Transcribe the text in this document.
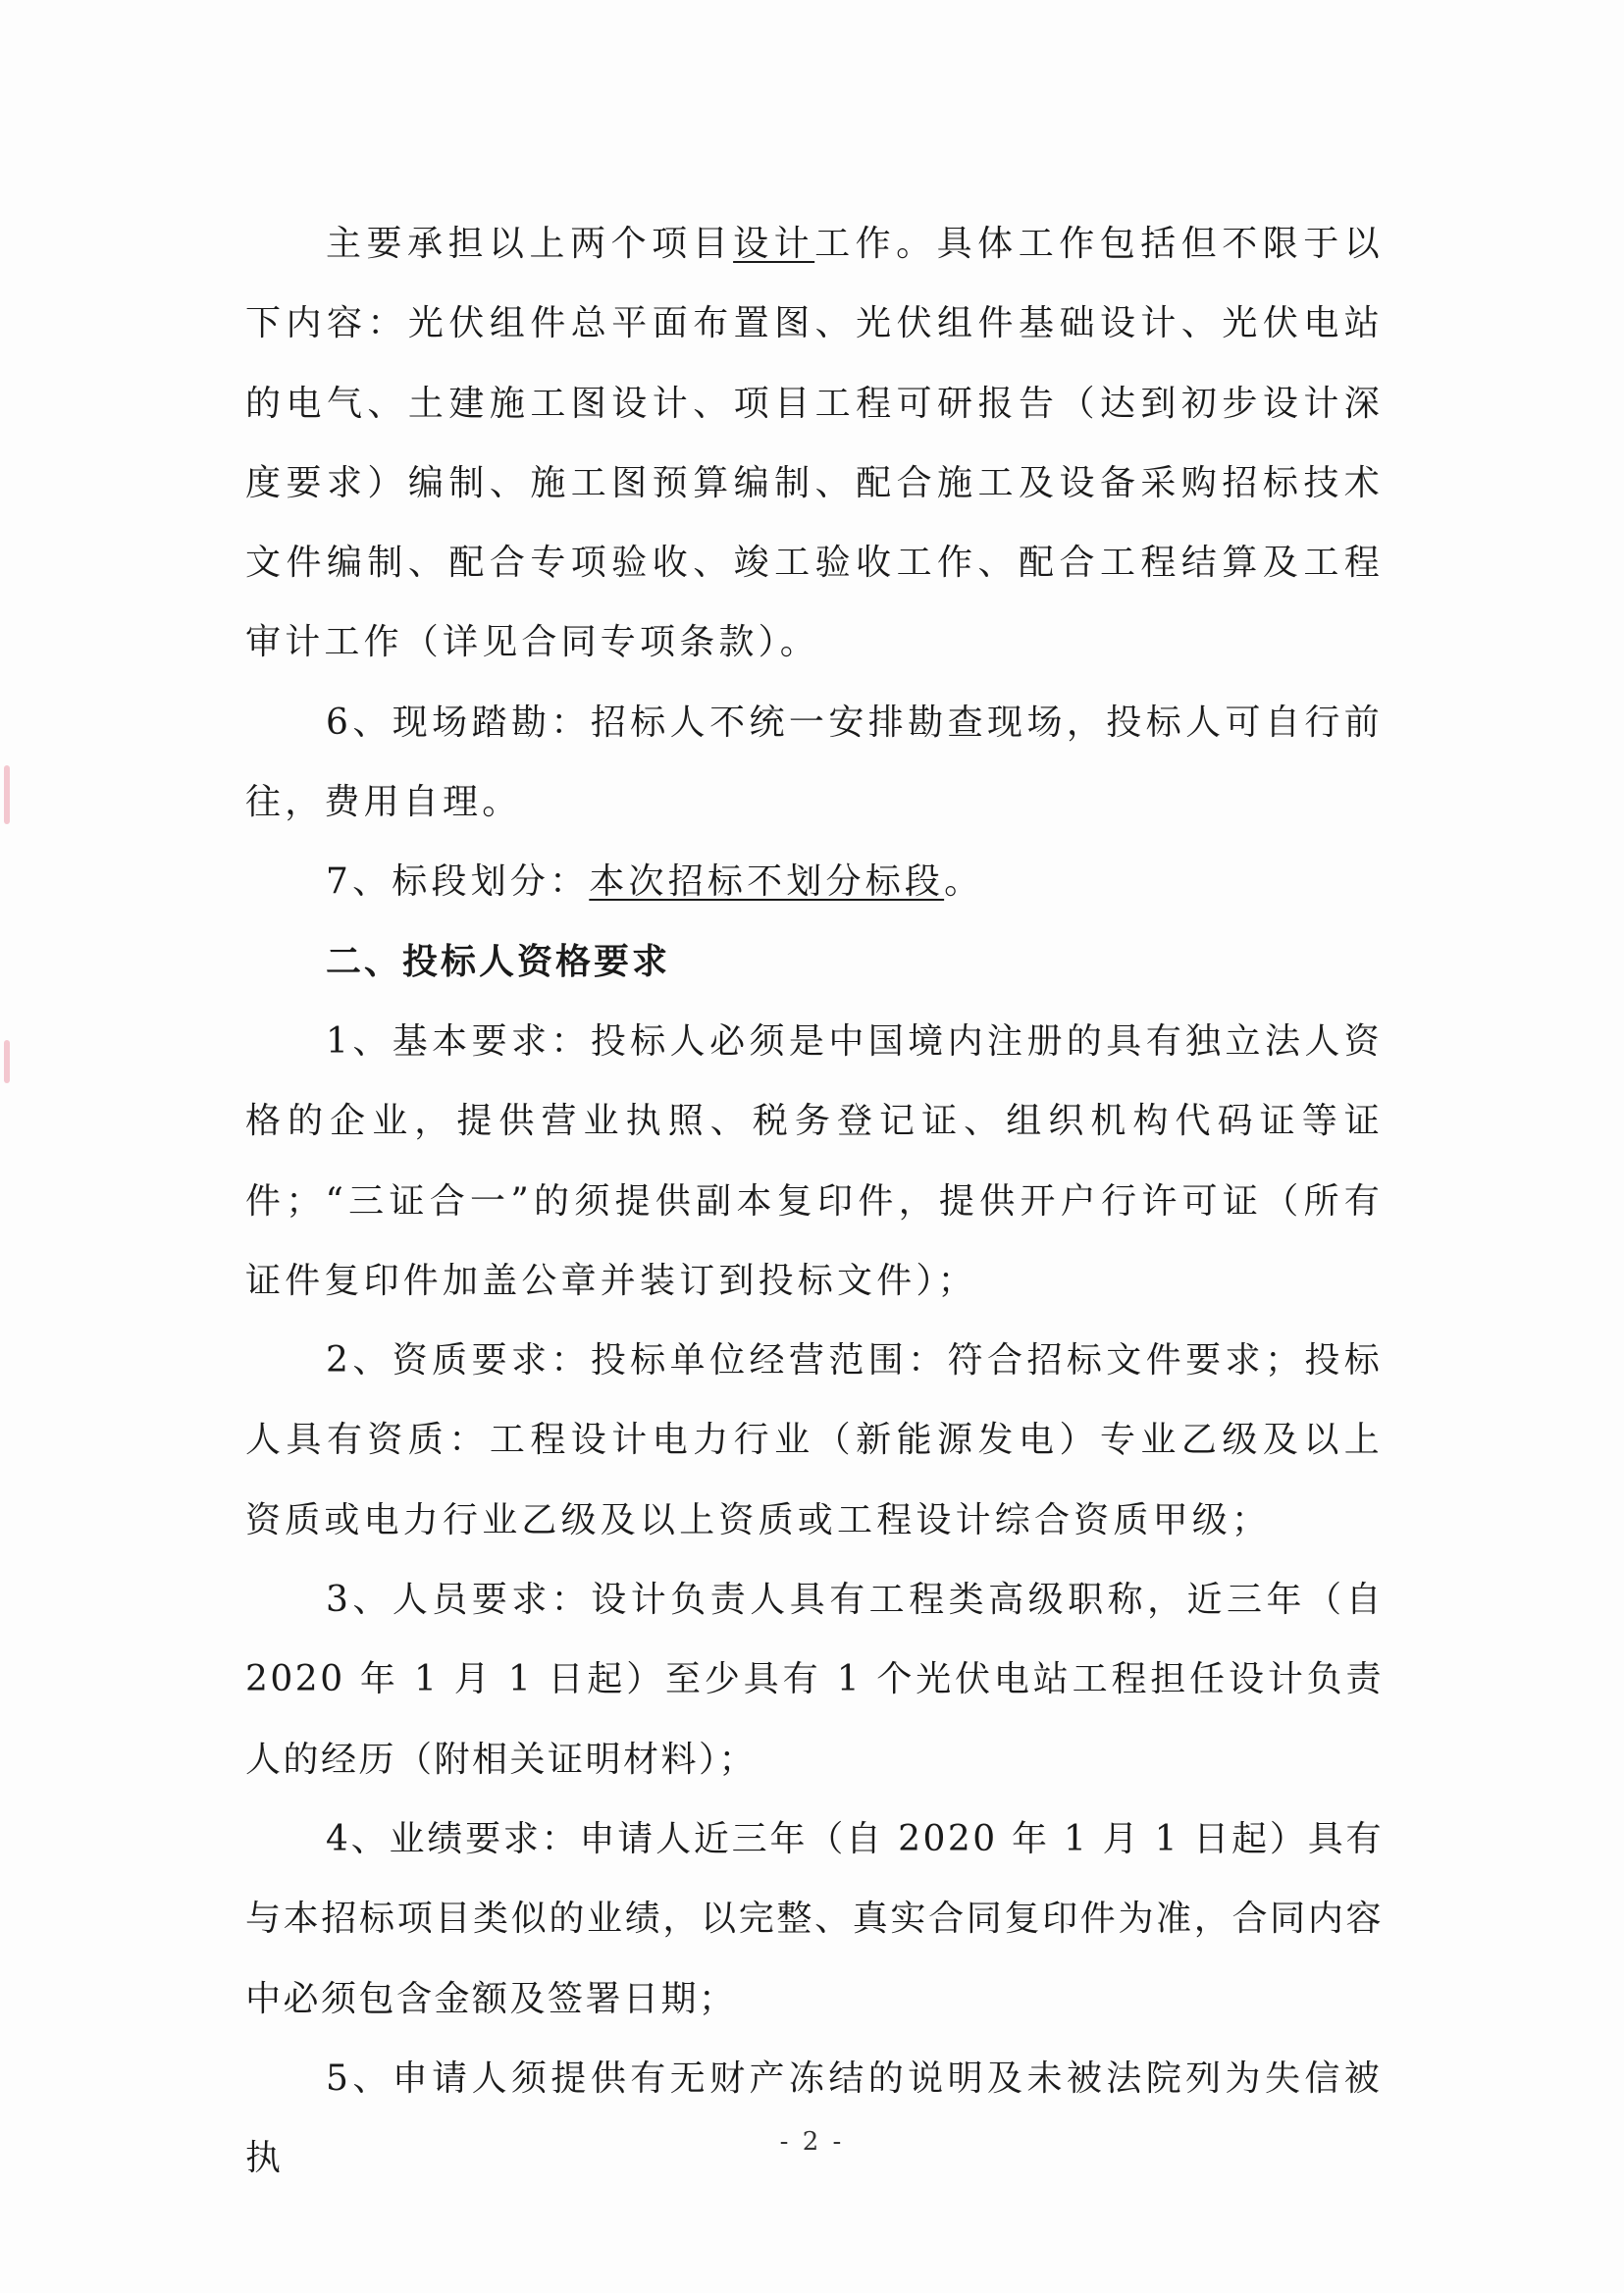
主要承担以上两个项目设计工作。具体工作包括但不限于以下内容：光伏组件总平面布置图、光伏组件基础设计、光伏电站的电气、土建施工图设计、项目工程可研报告（达到初步设计深度要求）编制、施工图预算编制、配合施工及设备采购招标技术文件编制、配合专项验收、竣工验收工作、配合工程结算及工程审计工作（详见合同专项条款）。

6、现场踏勘：招标人不统一安排勘查现场，投标人可自行前往，费用自理。

7、标段划分：本次招标不划分标段。

二、投标人资格要求

1、基本要求：投标人必须是中国境内注册的具有独立法人资格的企业，提供营业执照、税务登记证、组织机构代码证等证件；“三证合一”的须提供副本复印件，提供开户行许可证（所有证件复印件加盖公章并装订到投标文件）；

2、资质要求：投标单位经营范围：符合招标文件要求；投标人具有资质：工程设计电力行业（新能源发电）专业乙级及以上资质或电力行业乙级及以上资质或工程设计综合资质甲级；

3、人员要求：设计负责人具有工程类高级职称，近三年（自 2020 年 1 月 1 日起）至少具有 1 个光伏电站工程担任设计负责人的经历（附相关证明材料）；

4、业绩要求：申请人近三年（自 2020 年 1 月 1 日起）具有与本招标项目类似的业绩，以完整、真实合同复印件为准，合同内容中必须包含金额及签署日期；

5、申请人须提供有无财产冻结的说明及未被法院列为失信被执	- 2 -
